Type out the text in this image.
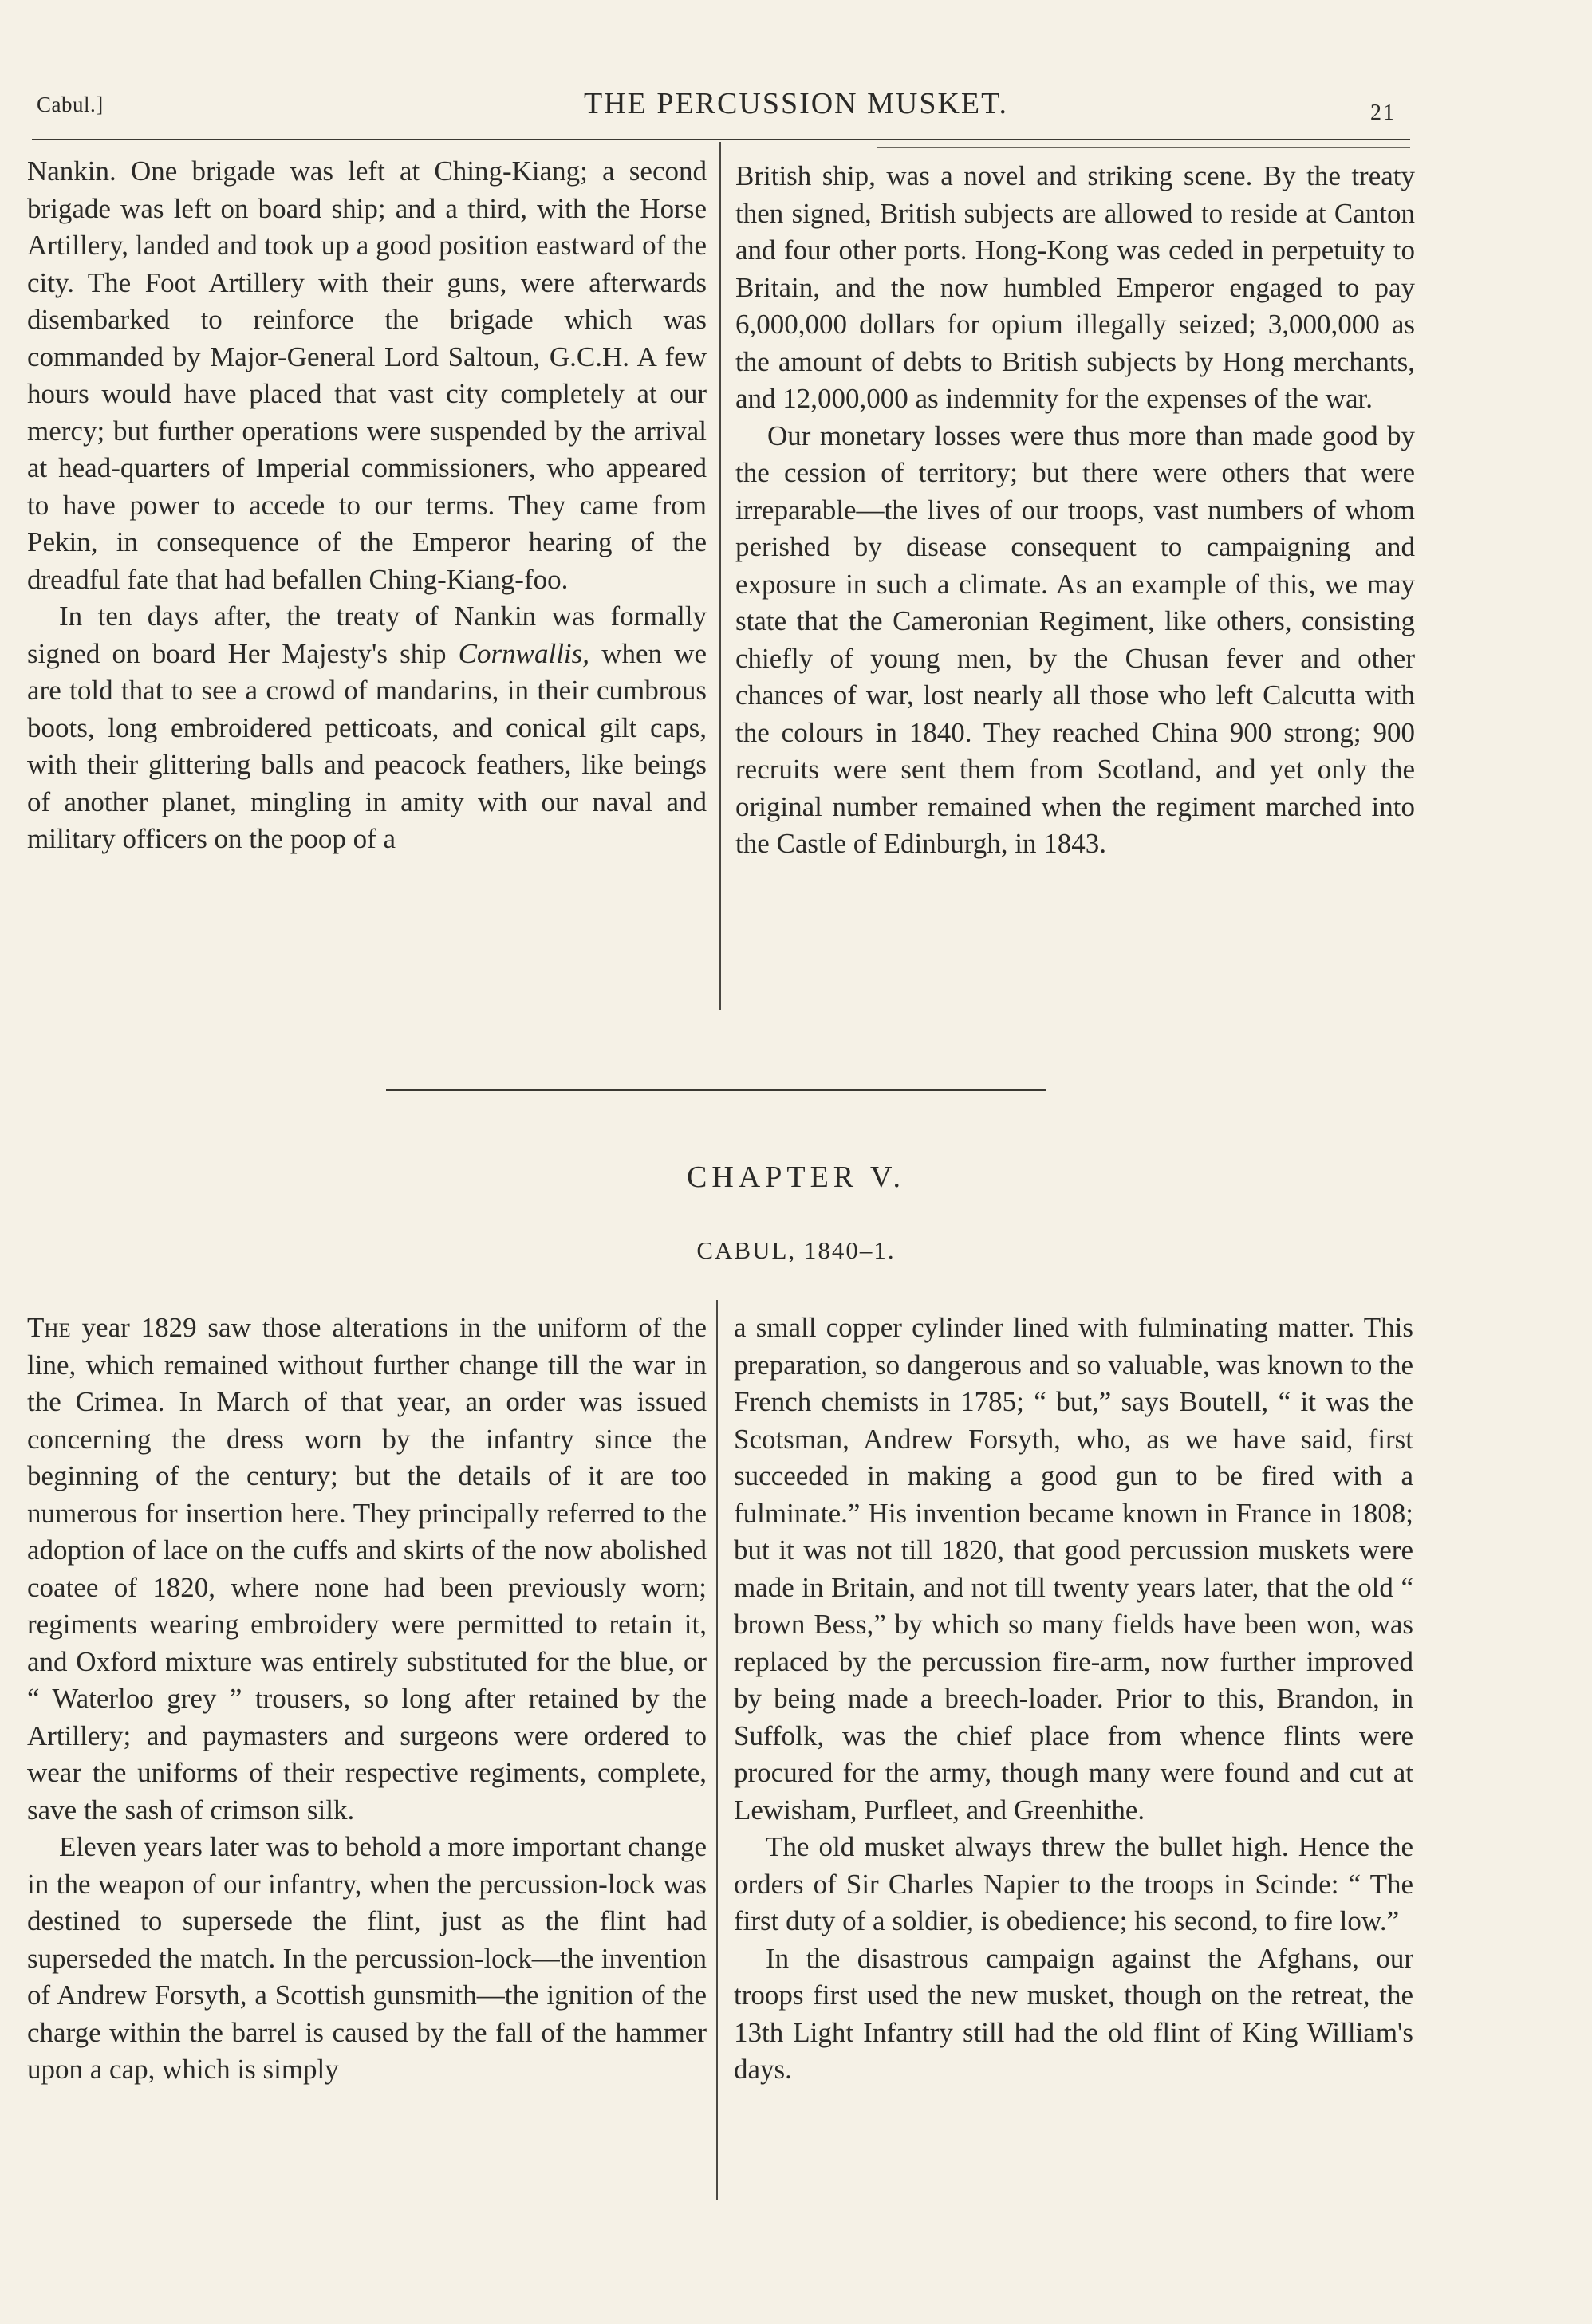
Cabul.]	THE PERCUSSION MUSKET.	21

Nankin. One brigade was left at Ching-Kiang; a second brigade was left on board ship; and a third, with the Horse Artillery, landed and took up a good position eastward of the city. The Foot Artillery with their guns, were afterwards disembarked to reinforce the brigade which was commanded by Major-General Lord Saltoun, G.C.H. A few hours would have placed that vast city completely at our mercy; but further operations were suspended by the arrival at head-quarters of Imperial commissioners, who appeared to have power to accede to our terms. They came from Pekin, in consequence of the Emperor hearing of the dreadful fate that had befallen Ching-Kiang-foo.

In ten days after, the treaty of Nankin was formally signed on board Her Majesty's ship Cornwallis, when we are told that to see a crowd of mandarins, in their cumbrous boots, long embroidered petticoats, and conical gilt caps, with their glittering balls and peacock feathers, like beings of another planet, mingling in amity with our naval and military officers on the poop of a

British ship, was a novel and striking scene. By the treaty then signed, British subjects are allowed to reside at Canton and four other ports. Hong-Kong was ceded in perpetuity to Britain, and the now humbled Emperor engaged to pay 6,000,000 dollars for opium illegally seized; 3,000,000 as the amount of debts to British subjects by Hong merchants, and 12,000,000 as indemnity for the expenses of the war.

Our monetary losses were thus more than made good by the cession of territory; but there were others that were irreparable—the lives of our troops, vast numbers of whom perished by disease consequent to campaigning and exposure in such a climate. As an example of this, we may state that the Cameronian Regiment, like others, consisting chiefly of young men, by the Chusan fever and other chances of war, lost nearly all those who left Calcutta with the colours in 1840. They reached China 900 strong; 900 recruits were sent them from Scotland, and yet only the original number remained when the regiment marched into the Castle of Edinburgh, in 1843.

CHAPTER V.
CABUL, 1840–1.

The year 1829 saw those alterations in the uniform of the line, which remained without further change till the war in the Crimea. In March of that year, an order was issued concerning the dress worn by the infantry since the beginning of the century; but the details of it are too numerous for insertion here. They principally referred to the adoption of lace on the cuffs and skirts of the now abolished coatee of 1820, where none had been previously worn; regiments wearing embroidery were permitted to retain it, and Oxford mixture was entirely substituted for the blue, or “ Waterloo grey ” trousers, so long after retained by the Artillery; and paymasters and surgeons were ordered to wear the uniforms of their respective regiments, complete, save the sash of crimson silk.

Eleven years later was to behold a more important change in the weapon of our infantry, when the percussion-lock was destined to supersede the flint, just as the flint had superseded the match. In the percussion-lock—the invention of Andrew Forsyth, a Scottish gunsmith—the ignition of the charge within the barrel is caused by the fall of the hammer upon a cap, which is simply

a small copper cylinder lined with fulminating matter. This preparation, so dangerous and so valuable, was known to the French chemists in 1785; “ but,” says Boutell, “ it was the Scotsman, Andrew Forsyth, who, as we have said, first succeeded in making a good gun to be fired with a fulminate.” His invention became known in France in 1808; but it was not till 1820, that good percussion muskets were made in Britain, and not till twenty years later, that the old “ brown Bess,” by which so many fields have been won, was replaced by the percussion fire-arm, now further improved by being made a breech-loader. Prior to this, Brandon, in Suffolk, was the chief place from whence flints were procured for the army, though many were found and cut at Lewisham, Purfleet, and Greenhithe.

The old musket always threw the bullet high. Hence the orders of Sir Charles Napier to the troops in Scinde: “ The first duty of a soldier, is obedience; his second, to fire low.”

In the disastrous campaign against the Afghans, our troops first used the new musket, though on the retreat, the 13th Light Infantry still had the old flint of King William's days.
